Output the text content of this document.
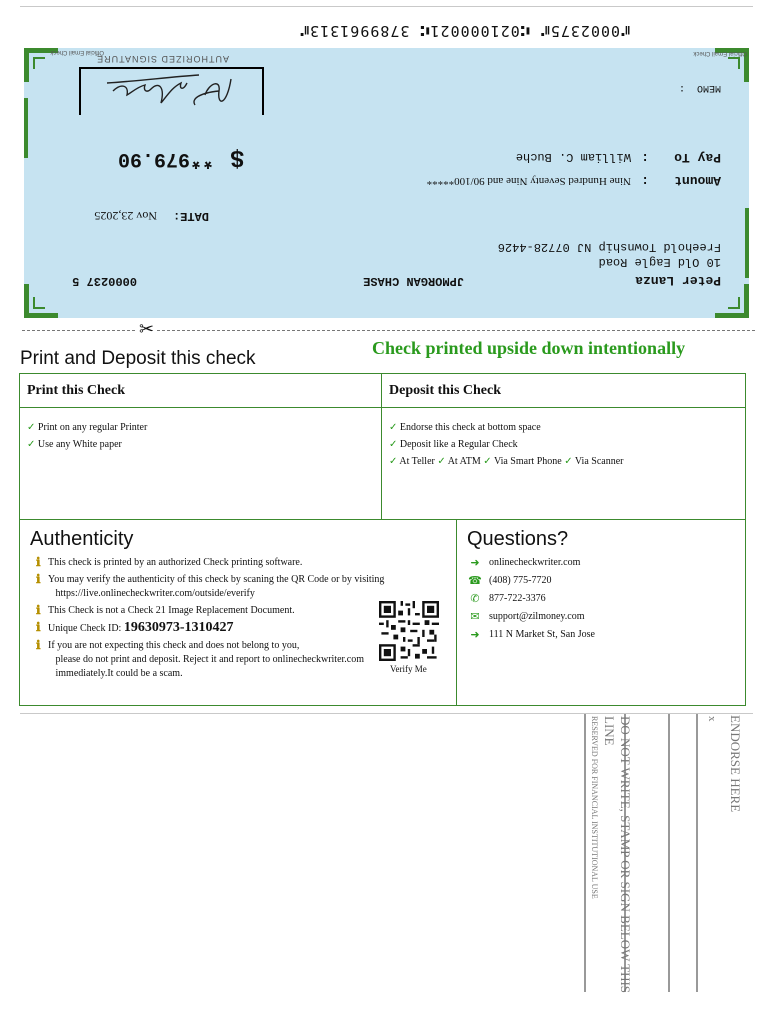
⑈0002375⑈ ⑆021000021⑆ 3789961313⑈
Peter Lanza
10 Old Eagle Road
Freehold Township NJ 07728-4426
JPMORGAN CHASE
0000237 5
DATE:
Nov 23,2025
Amount
:
Nine Hundred Seventy Nine and 90/100*****
Pay To
:
William C. Buche
$
**979.90
MEMO
:
AUTHORIZED SIGNATURE
Official Email Check
Official Email Check
✂
Print and Deposit this check	Check printed upside down intentionally
Print this Check
✓ Print on any regular Printer
✓ Use any White paper
Deposit this Check
✓ Endorse this check at bottom space
✓ Deposit like a Regular Check
✓ At Teller ✓ At ATM ✓ Via Smart Phone ✓ Via Scanner
Authenticity
ℹ This check is printed by an authorized Check printing software.
ℹ You may verify the authenticity of this check by scaning the QR Code or by visiting
https://live.onlinecheckwriter.com/outside/everify
ℹ This Check is not a Check 21 Image Replacement Document.
ℹ Unique Check ID: 19630973-1310427
ℹ If you are not expecting this check and does not belong to you,
please do not print and deposit. Reject it and report to onlinecheckwriter.com
immediately.It could be a scam.	Verify Me
Questions?
➜ onlinecheckwriter.com
☎ (408) 775-7720
✆ 877-722-3376
✉ support@zilmoney.com
➜ 111 N Market St, San Jose
x ENDORSE HERE
DO NOT WRITE, STAMP OR SIGN BELOW THIS LINE
RESERVED FOR FINANCIAL INSTITUTIONAL USE
